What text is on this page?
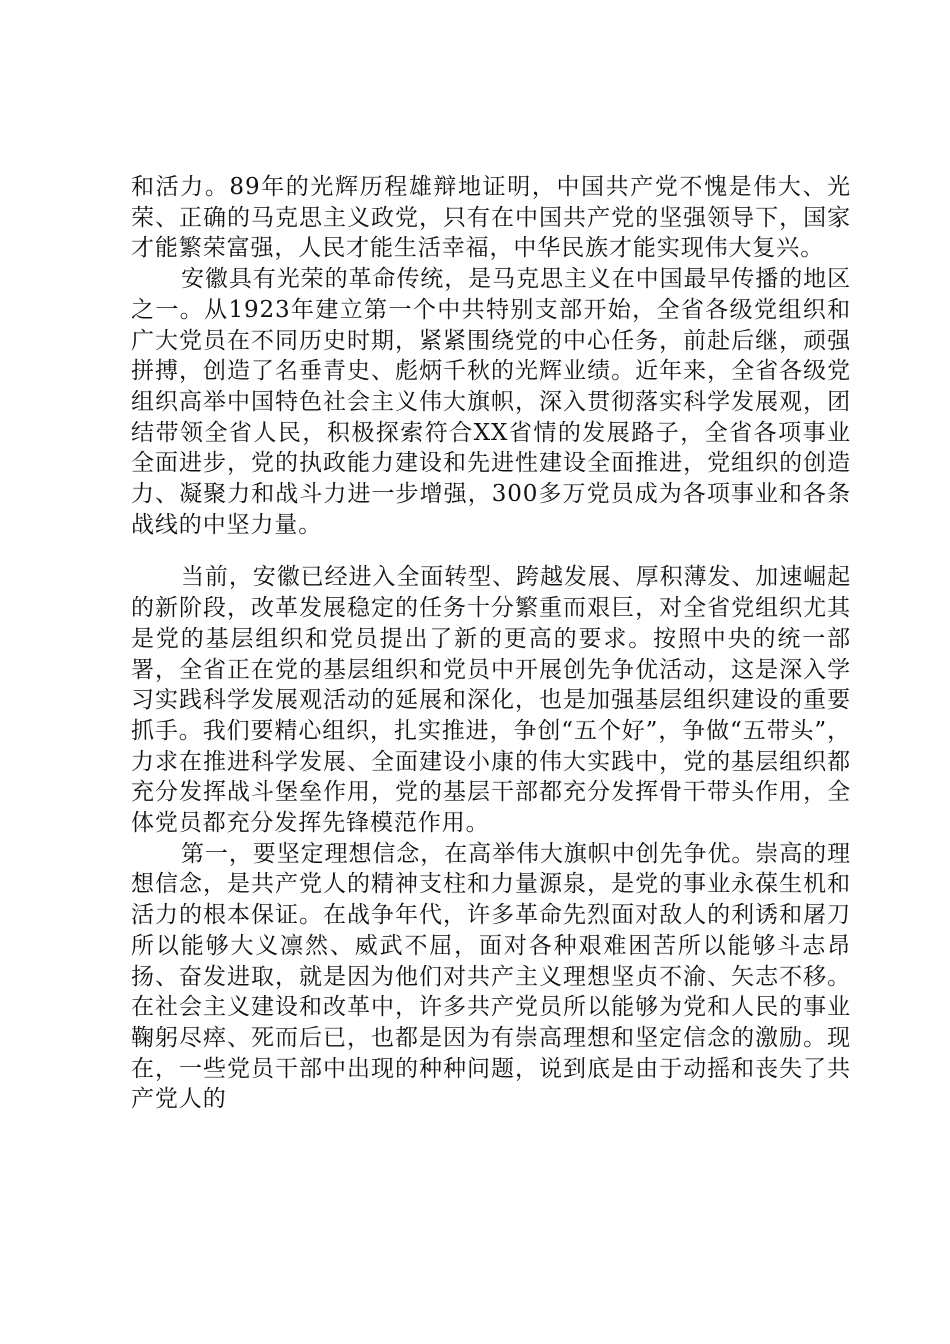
和活力。89年的光辉历程雄辩地证明，中国共产党不愧是伟大、光荣、正确的马克思主义政党，只有在中国共产党的坚强领导下，国家才能繁荣富强，人民才能生活幸福，中华民族才能实现伟大复兴。

安徽具有光荣的革命传统，是马克思主义在中国最早传播的地区之一。从1923年建立第一个中共特别支部开始，全省各级党组织和广大党员在不同历史时期，紧紧围绕党的中心任务，前赴后继，顽强拼搏，创造了名垂青史、彪炳千秋的光辉业绩。近年来，全省各级党组织高举中国特色社会主义伟大旗帜，深入贯彻落实科学发展观，团结带领全省人民，积极探索符合XX省情的发展路子，全省各项事业全面进步，党的执政能力建设和先进性建设全面推进，党组织的创造力、凝聚力和战斗力进一步增强，300多万党员成为各项事业和各条战线的中坚力量。

当前，安徽已经进入全面转型、跨越发展、厚积薄发、加速崛起的新阶段，改革发展稳定的任务十分繁重而艰巨，对全省党组织尤其是党的基层组织和党员提出了新的更高的要求。按照中央的统一部署，全省正在党的基层组织和党员中开展创先争优活动，这是深入学习实践科学发展观活动的延展和深化，也是加强基层组织建设的重要抓手。我们要精心组织，扎实推进，争创“五个好”，争做“五带头”，力求在推进科学发展、全面建设小康的伟大实践中，党的基层组织都充分发挥战斗堡垒作用，党的基层干部都充分发挥骨干带头作用，全体党员都充分发挥先锋模范作用。

第一，要坚定理想信念，在高举伟大旗帜中创先争优。崇高的理想信念，是共产党人的精神支柱和力量源泉，是党的事业永葆生机和活力的根本保证。在战争年代，许多革命先烈面对敌人的利诱和屠刀所以能够大义凛然、威武不屈，面对各种艰难困苦所以能够斗志昂扬、奋发进取，就是因为他们对共产主义理想坚贞不渝、矢志不移。在社会主义建设和改革中，许多共产党员所以能够为党和人民的事业鞠躬尽瘁、死而后已，也都是因为有崇高理想和坚定信念的激励。现在，一些党员干部中出现的种种问题，说到底是由于动摇和丧失了共产党人的
